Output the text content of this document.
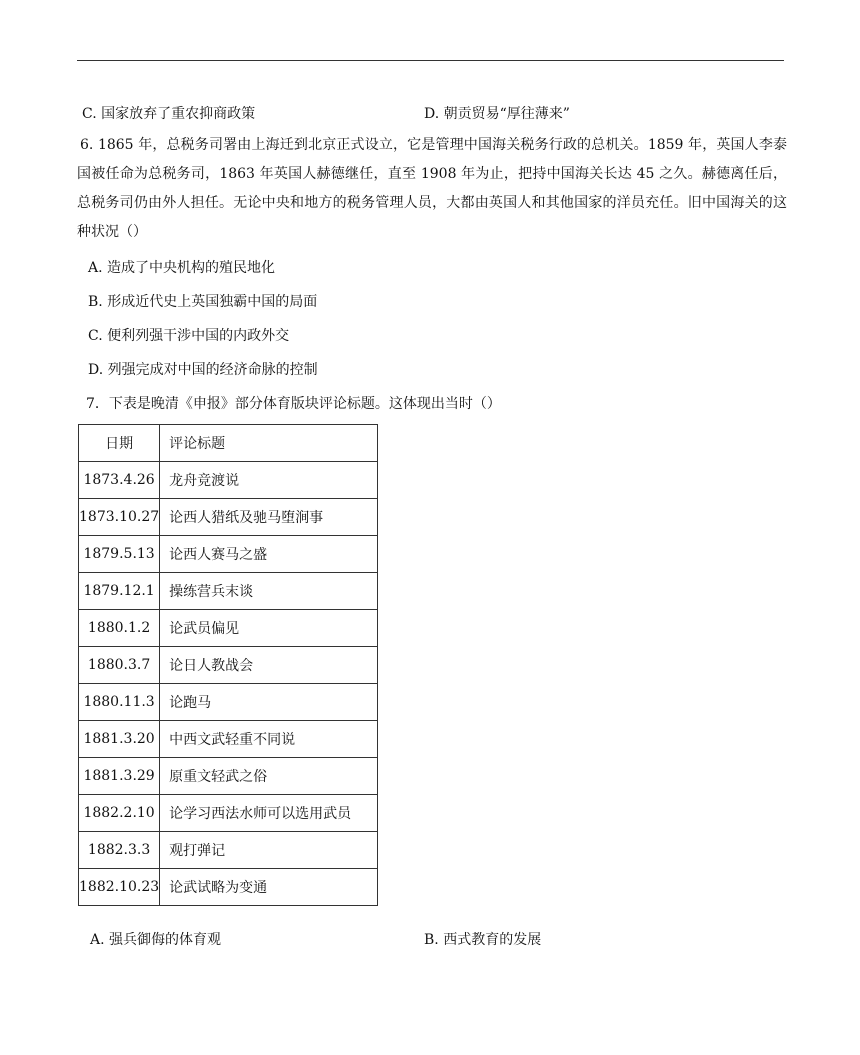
C. 国家放弃了重农抑商政策	D. 朝贡贸易“厚往薄来”
6. 1865 年，总税务司署由上海迁到北京正式设立，它是管理中国海关税务行政的总机关。1859 年，英国人李泰国被任命为总税务司，1863 年英国人赫德继任，直至 1908 年为止，把持中国海关长达 45 之久。赫德离任后，总税务司仍由外人担任。无论中央和地方的税务管理人员，大都由英国人和其他国家的洋员充任。旧中国海关的这种状况（）
A. 造成了中央机构的殖民地化
B. 形成近代史上英国独霸中国的局面
C. 便利列强干涉中国的内政外交
D. 列强完成对中国的经济命脉的控制
7．下表是晚清《申报》部分体育版块评论标题。这体现出当时（）
日期	评论标题
1873.4.26	龙舟竞渡说
1873.10.27	论西人猎纸及驰马堕涧事
1879.5.13	论西人赛马之盛
1879.12.1	操练营兵末谈
1880.1.2	论武员偏见
1880.3.7	论日人教战会
1880.11.3	论跑马
1881.3.20	中西文武轻重不同说
1881.3.29	原重文轻武之俗
1882.2.10	论学习西法水师可以选用武员
1882.3.3	观打弹记
1882.10.23	论武试略为变通
A. 强兵御侮的体育观	B. 西式教育的发展
